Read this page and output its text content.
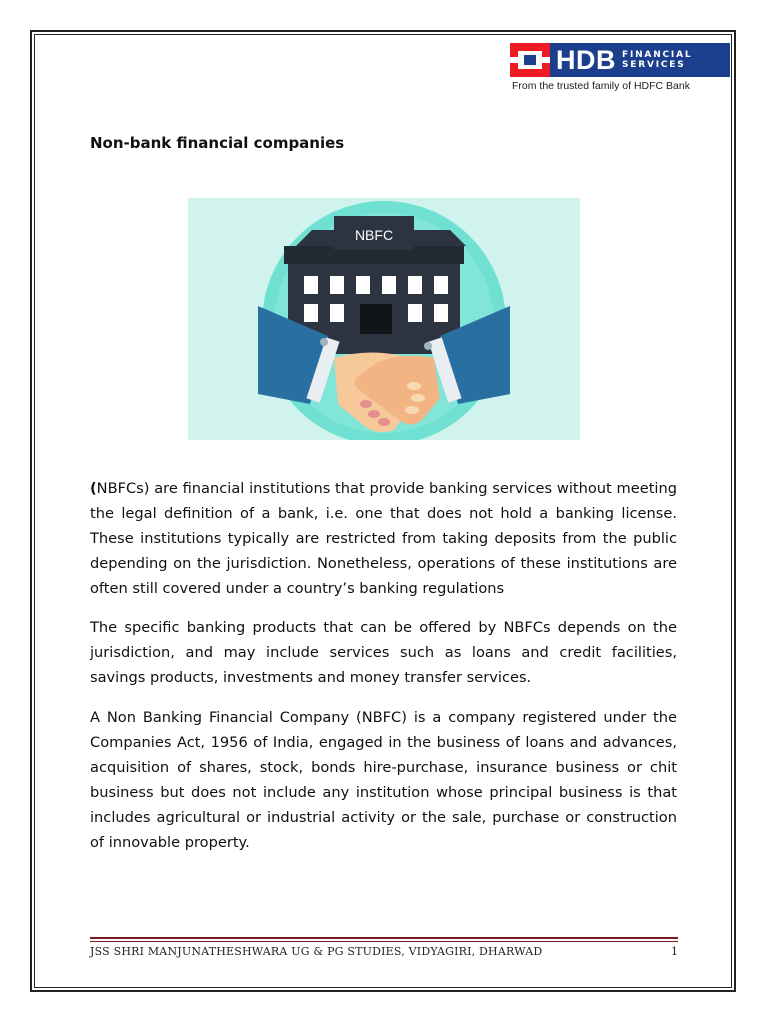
HDB FINANCIAL
SERVICES
From the trusted family of HDFC Bank
Non-bank financial companies
NBFC

(NBFCs) are financial institutions that provide banking services without meeting the legal definition of a bank, i.e. one that does not hold a banking license. These institutions typically are restricted from taking deposits from the public depending on the jurisdiction. Nonetheless, operations of these institutions are often still covered under a country’s banking regulations

The specific banking products that can be offered by NBFCs depends on the jurisdiction, and may include services such as loans and credit facilities, savings products, investments and money transfer services.

A Non Banking Financial Company (NBFC) is a company registered under the Companies Act, 1956 of India, engaged in the business of loans and advances, acquisition of shares, stock, bonds hire-purchase, insurance business or chit business but does not include any institution whose principal business is that includes agricultural or industrial activity or the sale, purchase or construction of innovable property.

JSS SHRI MANJUNATHESHWARA UG & PG STUDIES, VIDYAGIRI, DHARWAD	1
